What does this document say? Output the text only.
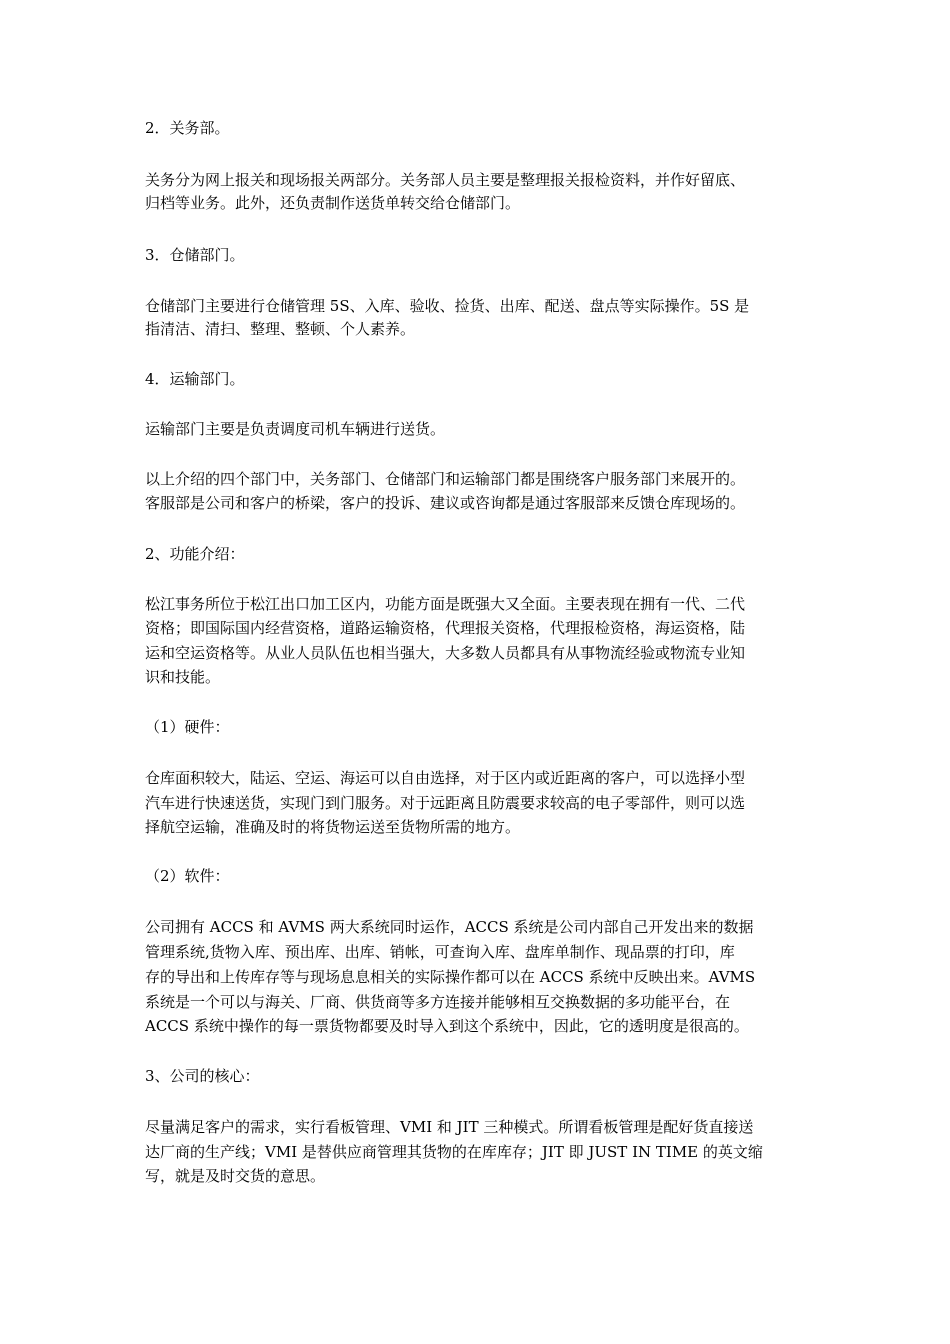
2．关务部。

关务分为网上报关和现场报关两部分。关务部人员主要是整理报关报检资料，并作好留底、

归档等业务。此外，还负责制作送货单转交给仓储部门。

3．仓储部门。

仓储部门主要进行仓储管理 5S、入库、验收、捡货、出库、配送、盘点等实际操作。5S 是

指清洁、清扫、整理、整顿、个人素养。

4．运输部门。

运输部门主要是负责调度司机车辆进行送货。

以上介绍的四个部门中，关务部门、仓储部门和运输部门都是围绕客户服务部门来展开的。

客服部是公司和客户的桥梁，客户的投诉、建议或咨询都是通过客服部来反馈仓库现场的。

2、功能介绍：

松江事务所位于松江出口加工区内，功能方面是既强大又全面。主要表现在拥有一代、二代

资格；即国际国内经营资格，道路运输资格，代理报关资格，代理报检资格，海运资格，陆

运和空运资格等。从业人员队伍也相当强大，大多数人员都具有从事物流经验或物流专业知

识和技能。

（1）硬件：

仓库面积较大，陆运、空运、海运可以自由选择，对于区内或近距离的客户，可以选择小型

汽车进行快速送货，实现门到门服务。对于远距离且防震要求较高的电子零部件，则可以选

择航空运输，准确及时的将货物运送至货物所需的地方。

（2）软件：

公司拥有 ACCS 和 AVMS 两大系统同时运作，ACCS 系统是公司内部自己开发出来的数据

管理系统,货物入库、预出库、出库、销帐，可查询入库、盘库单制作、现品票的打印，库

存的导出和上传库存等与现场息息相关的实际操作都可以在 ACCS 系统中反映出来。AVMS

系统是一个可以与海关、厂商、供货商等多方连接并能够相互交换数据的多功能平台，在

ACCS 系统中操作的每一票货物都要及时导入到这个系统中，因此，它的透明度是很高的。

3、公司的核心：

尽量满足客户的需求，实行看板管理、VMI 和 JIT 三种模式。所谓看板管理是配好货直接送

达厂商的生产线；VMI 是替供应商管理其货物的在库库存；JIT 即 JUST IN TIME 的英文缩

写，就是及时交货的意思。
